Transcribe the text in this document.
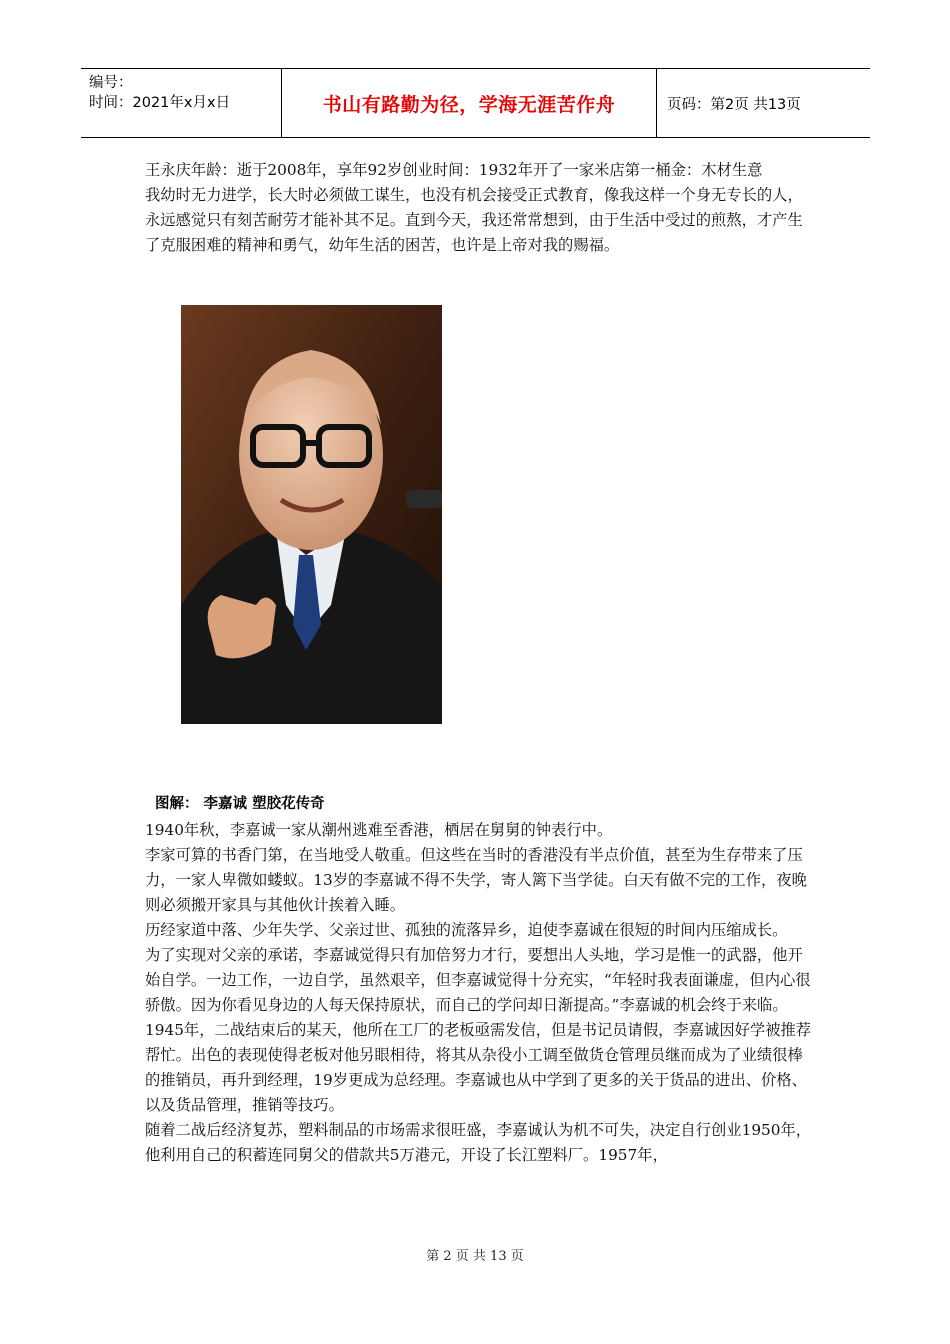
编号：
时间：2021年x月x日	书山有路勤为径，学海无涯苦作舟	页码：第2页 共13页

王永庆年龄：逝于2008年，享年92岁创业时间：1932年开了一家米店第一桶金：木材生意

我幼时无力进学，长大时必须做工谋生，也没有机会接受正式教育，像我这样一个身无专长的人，永远感觉只有刻苦耐劳才能补其不足。直到今天，我还常常想到，由于生活中受过的煎熬，才产生了克服困难的精神和勇气，幼年生活的困苦，也许是上帝对我的赐福。

图解： 李嘉诚 塑胶花传奇

1940年秋，李嘉诚一家从潮州逃难至香港，栖居在舅舅的钟表行中。

李家可算的书香门第，在当地受人敬重。但这些在当时的香港没有半点价值，甚至为生存带来了压力，一家人卑微如蝼蚁。13岁的李嘉诚不得不失学，寄人篱下当学徒。白天有做不完的工作，夜晚则必须搬开家具与其他伙计挨着入睡。

历经家道中落、少年失学、父亲过世、孤独的流落异乡，迫使李嘉诚在很短的时间内压缩成长。

为了实现对父亲的承诺，李嘉诚觉得只有加倍努力才行，要想出人头地，学习是惟一的武器，他开始自学。一边工作，一边自学，虽然艰辛，但李嘉诚觉得十分充实，“年轻时我表面谦虚，但内心很骄傲。因为你看见身边的人每天保持原状，而自己的学问却日渐提高。”李嘉诚的机会终于来临。

1945年，二战结束后的某天，他所在工厂的老板亟需发信，但是书记员请假，李嘉诚因好学被推荐帮忙。出色的表现使得老板对他另眼相待，将其从杂役小工调至做货仓管理员继而成为了业绩很棒的推销员，再升到经理，19岁更成为总经理。李嘉诚也从中学到了更多的关于货品的进出、价格、以及货品管理，推销等技巧。

随着二战后经济复苏，塑料制品的市场需求很旺盛，李嘉诚认为机不可失，决定自行创业1950年，他利用自己的积蓄连同舅父的借款共5万港元，开设了长江塑料厂。1957年，

第 2 页 共 13 页
